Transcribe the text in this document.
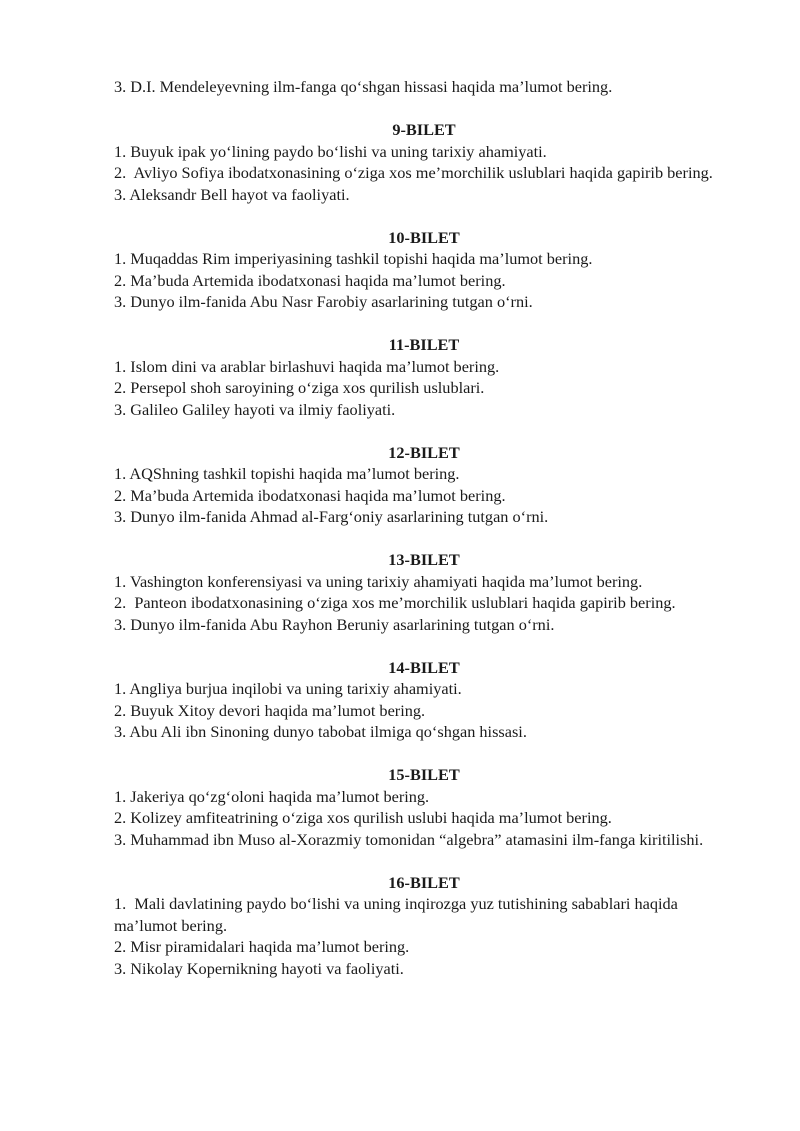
3. D.I. Mendeleyevning ilm-fanga qo‘shgan hissasi haqida ma’lumot bering.

9-BILET

1. Buyuk ipak yo‘lining paydo bo‘lishi va uning tarixiy ahamiyati.

2.  Avliyo Sofiya ibodatxonasining o‘ziga xos me’morchilik uslublari haqida gapirib bering.

3. Aleksandr Bell hayot va faoliyati.

10-BILET

1. Muqaddas Rim imperiyasining tashkil topishi haqida ma’lumot bering.

2. Ma’buda Artemida ibodatxonasi haqida ma’lumot bering.

3. Dunyo ilm-fanida Abu Nasr Farobiy asarlarining tutgan o‘rni.

11-BILET

1. Islom dini va arablar birlashuvi haqida ma’lumot bering.

2. Persepol shoh saroyining o‘ziga xos qurilish uslublari.

3. Galileo Galiley hayoti va ilmiy faoliyati.

12-BILET

1. AQShning tashkil topishi haqida ma’lumot bering.

2. Ma’buda Artemida ibodatxonasi haqida ma’lumot bering.

3. Dunyo ilm-fanida Ahmad al-Farg‘oniy asarlarining tutgan o‘rni.

13-BILET

1. Vashington konferensiyasi va uning tarixiy ahamiyati haqida ma’lumot bering.

2.  Panteon ibodatxonasining o‘ziga xos me’morchilik uslublari haqida gapirib bering.

3. Dunyo ilm-fanida Abu Rayhon Beruniy asarlarining tutgan o‘rni.

14-BILET

1. Angliya burjua inqilobi va uning tarixiy ahamiyati.

2. Buyuk Xitoy devori haqida ma’lumot bering.

3. Abu Ali ibn Sinoning dunyo tabobat ilmiga qo‘shgan hissasi.

15-BILET

1. Jakeriya qo‘zg‘oloni haqida ma’lumot bering.

2. Kolizey amfiteatrining o‘ziga xos qurilish uslubi haqida ma’lumot bering.

3. Muhammad ibn Muso al-Xorazmiy tomonidan “algebra” atamasini ilm-fanga kiritilishi.

16-BILET

1.  Mali davlatining paydo bo‘lishi va uning inqirozga yuz tutishining sabablari haqida ma’lumot bering.

2. Misr piramidalari haqida ma’lumot bering.

3. Nikolay Kopernikning hayoti va faoliyati.
